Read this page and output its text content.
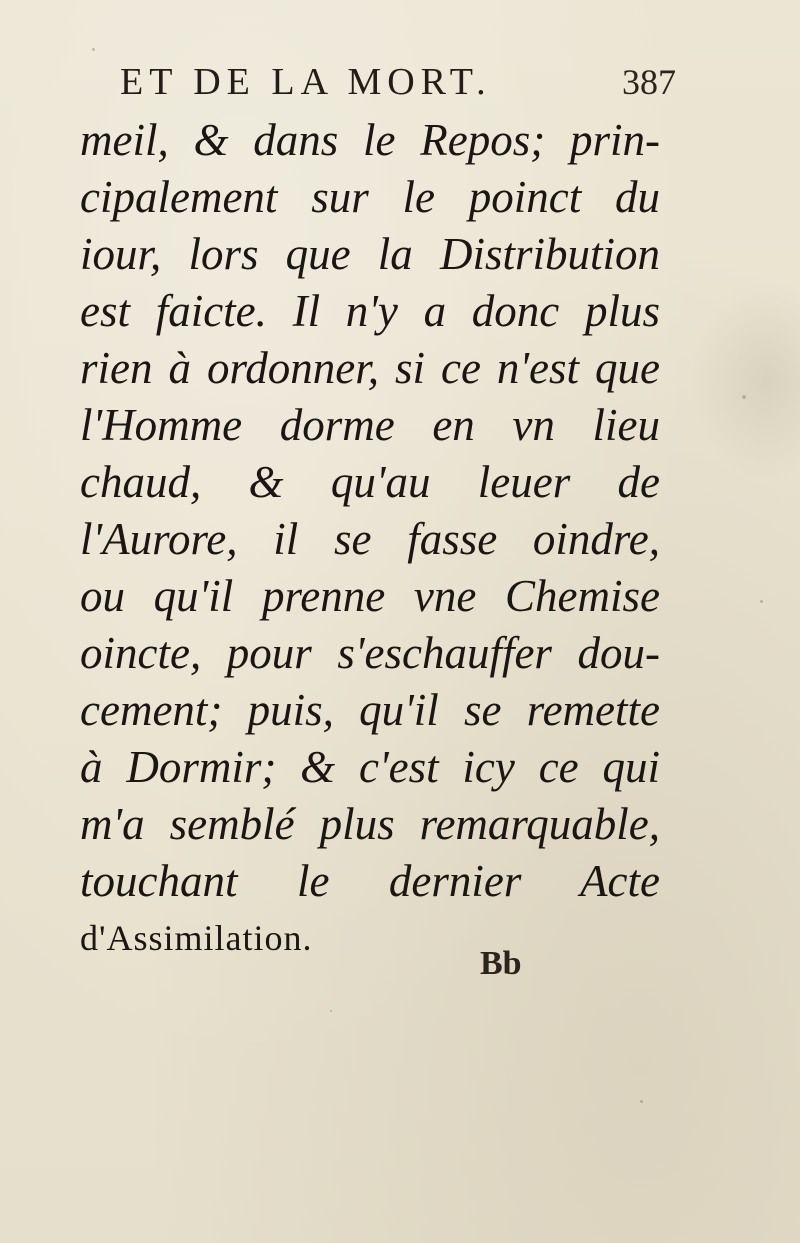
ET DE LA MORT.	387
meil, & dans le Repos; prin-
cipalement sur le poinct du
iour, lors que la Distribution
est faicte. Il n'y a donc plus
rien à ordonner, si ce n'est que
l'Homme dorme en vn lieu
chaud, & qu'au leuer de
l'Aurore, il se fasse oindre,
ou qu'il prenne vne Chemise
oincte, pour s'eschauffer dou-
cement; puis, qu'il se remette
à Dormir; & c'est icy ce qui
m'a semblé plus remarquable,
touchant le dernier Acte
d'Assimilation.
Bb
